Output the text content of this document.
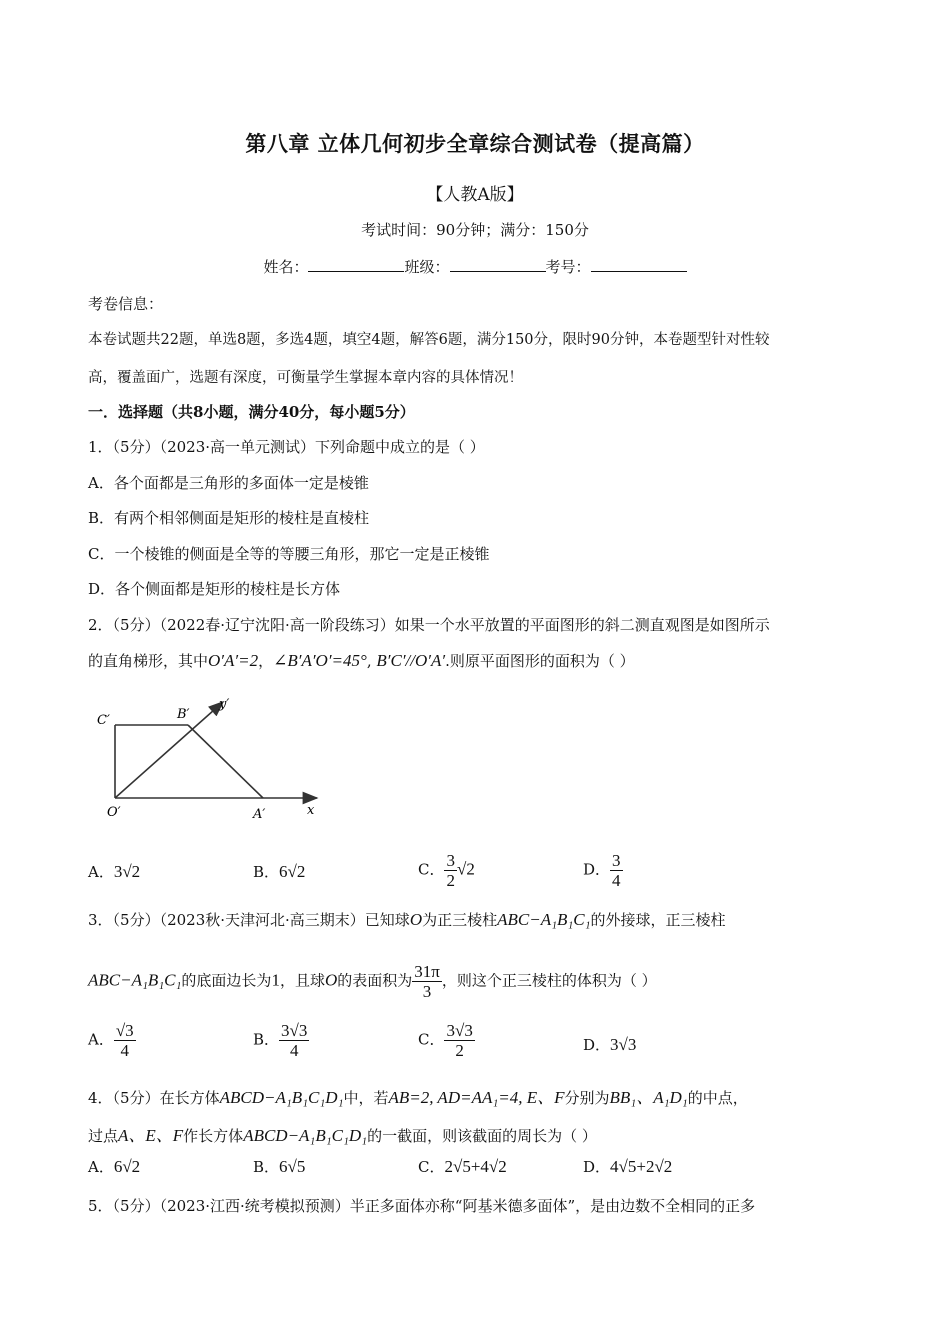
第八章 立体几何初步全章综合测试卷（提高篇）
【人教A版】
考试时间：90分钟；满分：150分
姓名：	班级：	考号：
考卷信息：
本卷试题共22题，单选8题，多选4题，填空4题，解答6题，满分150分，限时90分钟，本卷题型针对性较
高，覆盖面广，选题有深度，可衡量学生掌握本章内容的具体情况！
一．选择题（共8小题，满分40分，每小题5分）
1．（5分）（2023·高一单元测试）下列命题中成立的是（ ）
A．各个面都是三角形的多面体一定是棱锥
B．有两个相邻侧面是矩形的棱柱是直棱柱
C．一个棱锥的侧面是全等的等腰三角形，那它一定是正棱锥
D．各个侧面都是矩形的棱柱是长方体
2．（5分）（2022春·辽宁沈阳·高一阶段练习）如果一个水平放置的平面图形的斜二测直观图是如图所示
的直角梯形，其中O′A′=2，∠B′A′O′=45°, B′C′//O′A′.则原平面图形的面积为（ ）
C′	B′
y′
O′	A′	x
A．3√2	B．6√2	C． $\frac{3}{2} √2$	D． $\frac{3}{4}$
3．（5分）（2023秋·天津河北·高三期末）已知球O为正三棱柱ABC−A₁B₁C₁的外接球，正三棱柱
ABC−A₁B₁C₁的底面边长为1，且球O的表面积为 $\frac{31\pi}{3}$ ，则这个正三棱柱的体积为（ ）
A． $\frac{√3}{4}$	B． $\frac{3√3}{4}$	C． $\frac{3√3}{2}$	D．3√3
4．（5分）在长方体ABCD−A₁B₁C₁D₁中，若AB=2, AD=AA₁=4, E、F分别为BB₁、A₁D₁的中点，
过点A、E、F作长方体ABCD−A₁B₁C₁D₁的一截面，则该截面的周长为（ ）
A．6√2	B．6√5	C．2√5+4√2	D．4√5+2√2
5．（5分）（2023·江西·统考模拟预测）半正多面体亦称“阿基米德多面体”，是由边数不全相同的正多
